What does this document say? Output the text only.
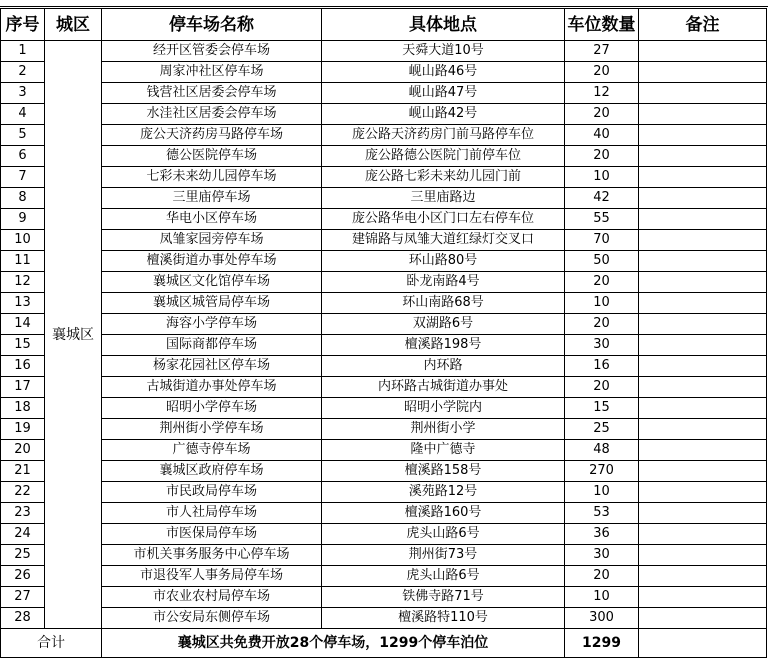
序号	城区	停车场名称	具体地点	车位数量	备注
1	襄城区	经开区管委会停车场	天舜大道10号	27	
2		周家冲社区停车场	岘山路46号	20	
3		钱营社区居委会停车场	岘山路47号	12	
4		水洼社区居委会停车场	岘山路42号	20	
5		庞公天济药房马路停车场	庞公路天济药房门前马路停车位	40	
6		德公医院停车场	庞公路德公医院门前停车位	20	
7		七彩未来幼儿园停车场	庞公路七彩未来幼儿园门前	10	
8		三里庙停车场	三里庙路边	42	
9		华电小区停车场	庞公路华电小区门口左右停车位	55	
10		凤雏家园旁停车场	建锦路与凤雏大道红绿灯交叉口	70	
11		檀溪街道办事处停车场	环山路80号	50	
12		襄城区文化馆停车场	卧龙南路4号	20	
13		襄城区城管局停车场	环山南路68号	10	
14		海容小学停车场	双湖路6号	20	
15		国际商都停车场	檀溪路198号	30	
16		杨家花园社区停车场	内环路	16	
17		古城街道办事处停车场	内环路古城街道办事处	20	
18		昭明小学停车场	昭明小学院内	15	
19		荆州街小学停车场	荆州街小学	25	
20		广德寺停车场	隆中广德寺	48	
21		襄城区政府停车场	檀溪路158号	270	
22		市民政局停车场	溪苑路12号	10	
23		市人社局停车场	檀溪路160号	53	
24		市医保局停车场	虎头山路6号	36	
25		市机关事务服务中心停车场	荆州街73号	30	
26		市退役军人事务局停车场	虎头山路6号	20	
27		市农业农村局停车场	铁佛寺路71号	10	
28		市公安局东侧停车场	檀溪路特110号	300	
合计		襄城区共免费开放28个停车场，1299个停车泊位		1299	
